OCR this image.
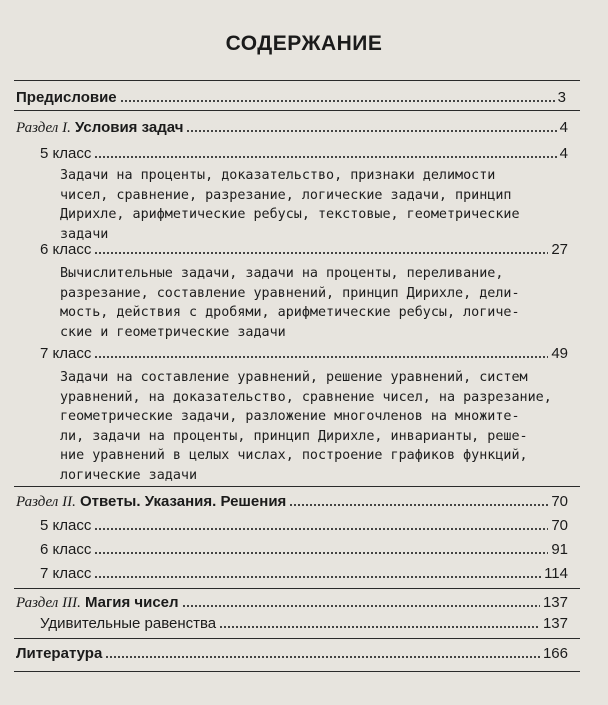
СОДЕРЖАНИЕ
Предисловие	3
Раздел I. Условия задач	4
5 класс	4
Задачи на проценты, доказательство, признаки делимости
чисел, сравнение, разрезание, логические задачи, принцип
Дирихле, арифметические ребусы, текстовые, геометрические
задачи
6 класс	27
Вычислительные задачи, задачи на проценты, переливание,
разрезание, составление уравнений, принцип Дирихле, дели-
мость, действия с дробями, арифметические ребусы, логиче-
ские и геометрические задачи
7 класс	49
Задачи на составление уравнений, решение уравнений, систем
уравнений, на доказательство, сравнение чисел, на разрезание,
геометрические задачи, разложение многочленов на множите-
ли, задачи на проценты, принцип Дирихле, инварианты, реше-
ние уравнений в целых числах, построение графиков функций,
логические задачи
Раздел II. Ответы. Указания. Решения	70
5 класс	70
6 класс	91
7 класс	114
Раздел III. Магия чисел	137
Удивительные равенства	137
Литература	166
